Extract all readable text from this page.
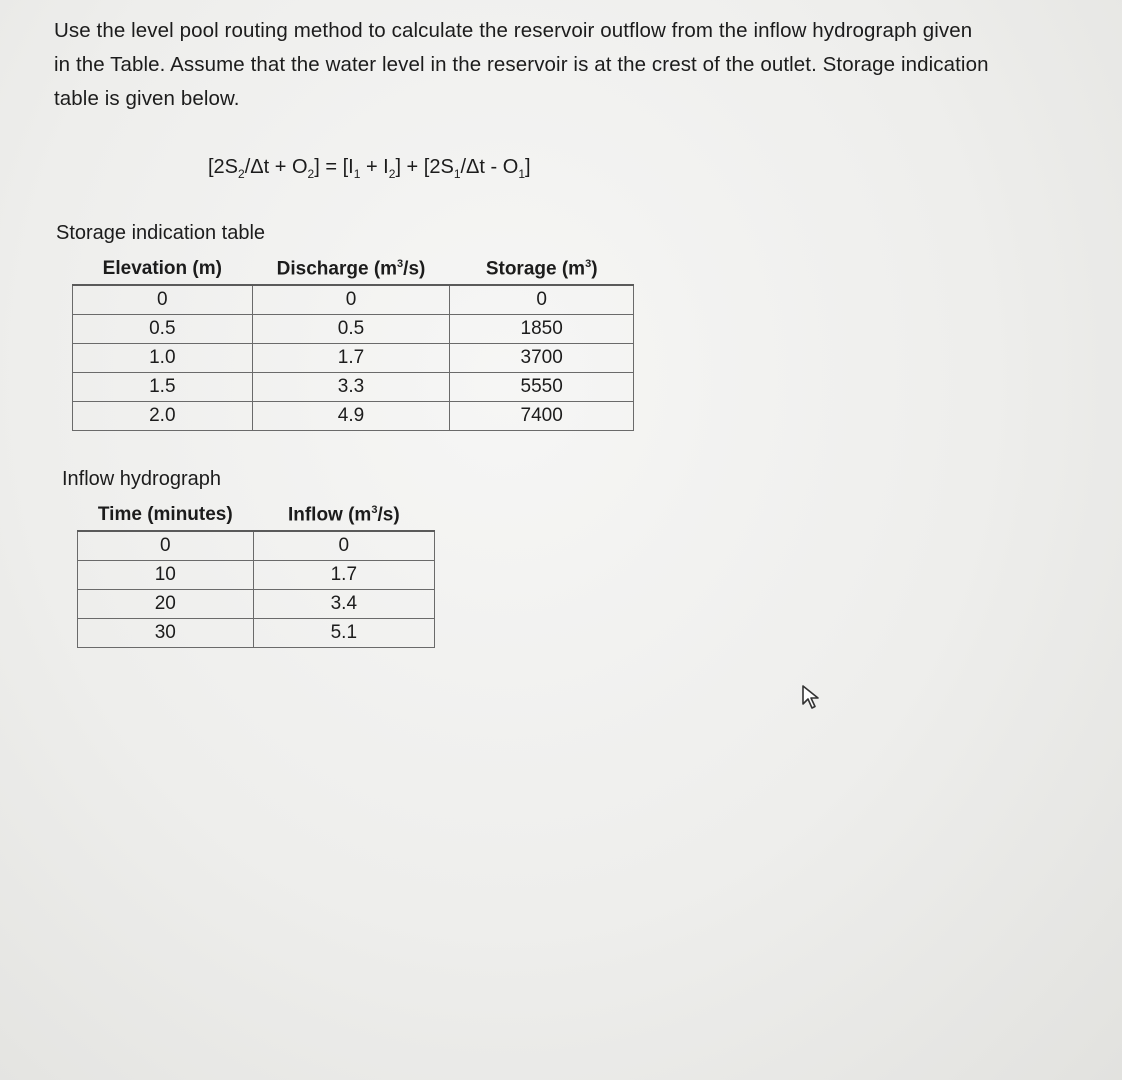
Use the level pool routing method to calculate the reservoir outflow from the inflow hydrograph given

in the Table. Assume that the water level in the reservoir is at the crest of the outlet. Storage indication

table is given below.

$[2S_2/\Delta t + O_2] = [I_1 + I_2] + [2S_1/\Delta t - O_1]$
Storage indication table
Elevation (m)	Discharge $(m^3/s)$	Storage $(m^3)$
0	0	0
0.5	0.5	1850
1.0	1.7	3700
1.5	3.3	5550
2.0	4.9	7400
Inflow hydrograph
Time (minutes)	Inflow $(m^3/s)$
0	0
10	1.7
20	3.4
30	5.1
